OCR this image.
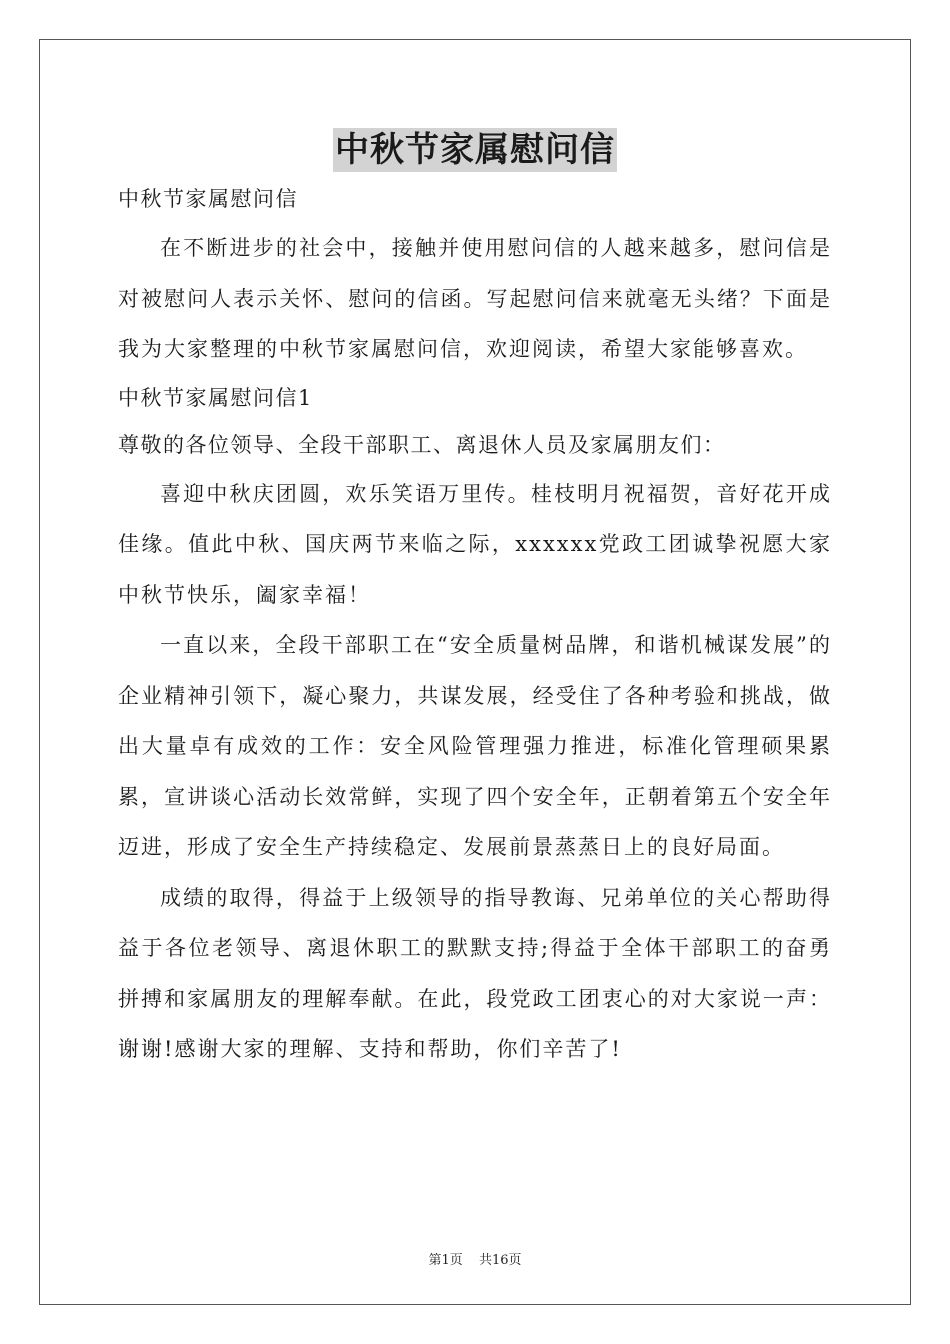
中秋节家属慰问信

中秋节家属慰问信

在不断进步的社会中，接触并使用慰问信的人越来越多，慰问信是对被慰问人表示关怀、慰问的信函。写起慰问信来就毫无头绪？下面是我为大家整理的中秋节家属慰问信，欢迎阅读，希望大家能够喜欢。

中秋节家属慰问信1

尊敬的各位领导、全段干部职工、离退休人员及家属朋友们：

喜迎中秋庆团圆，欢乐笑语万里传。桂枝明月祝福贺，音好花开成佳缘。值此中秋、国庆两节来临之际，xxxxxx党政工团诚挚祝愿大家中秋节快乐，阖家幸福！

一直以来，全段干部职工在“安全质量树品牌，和谐机械谋发展”的企业精神引领下，凝心聚力，共谋发展，经受住了各种考验和挑战，做出大量卓有成效的工作：安全风险管理强力推进，标准化管理硕果累累，宣讲谈心活动长效常鲜，实现了四个安全年，正朝着第五个安全年迈进，形成了安全生产持续稳定、发展前景蒸蒸日上的良好局面。

成绩的取得，得益于上级领导的指导教诲、兄弟单位的关心帮助得益于各位老领导、离退休职工的默默支持;得益于全体干部职工的奋勇拼搏和家属朋友的理解奉献。在此，段党政工团衷心的对大家说一声：谢谢!感谢大家的理解、支持和帮助，你们辛苦了!

第1页 共16页
